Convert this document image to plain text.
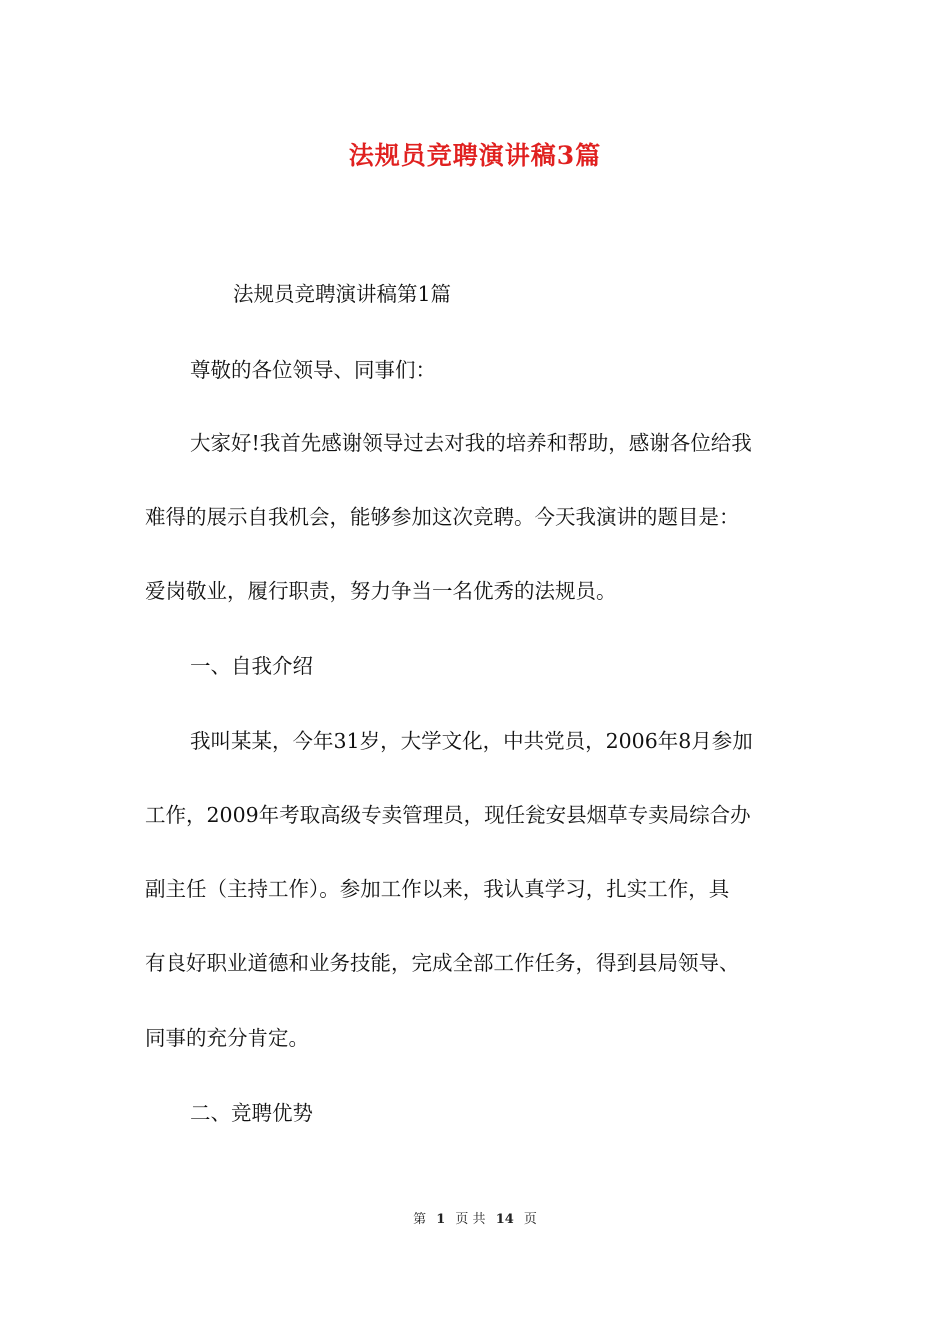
法规员竞聘演讲稿3篇

法规员竞聘演讲稿第1篇

尊敬的各位领导、同事们：

大家好!我首先感谢领导过去对我的培养和帮助，感谢各位给我

难得的展示自我机会，能够参加这次竞聘。今天我演讲的题目是：

爱岗敬业，履行职责，努力争当一名优秀的法规员。

一、自我介绍

我叫某某，今年31岁，大学文化，中共党员，2006年8月参加

工作，2009年考取高级专卖管理员，现任瓮安县烟草专卖局综合办

副主任（主持工作）。参加工作以来，我认真学习，扎实工作，具

有良好职业道德和业务技能，完成全部工作任务，得到县局领导、

同事的充分肯定。

二、竞聘优势

第 1 页 共 14 页
